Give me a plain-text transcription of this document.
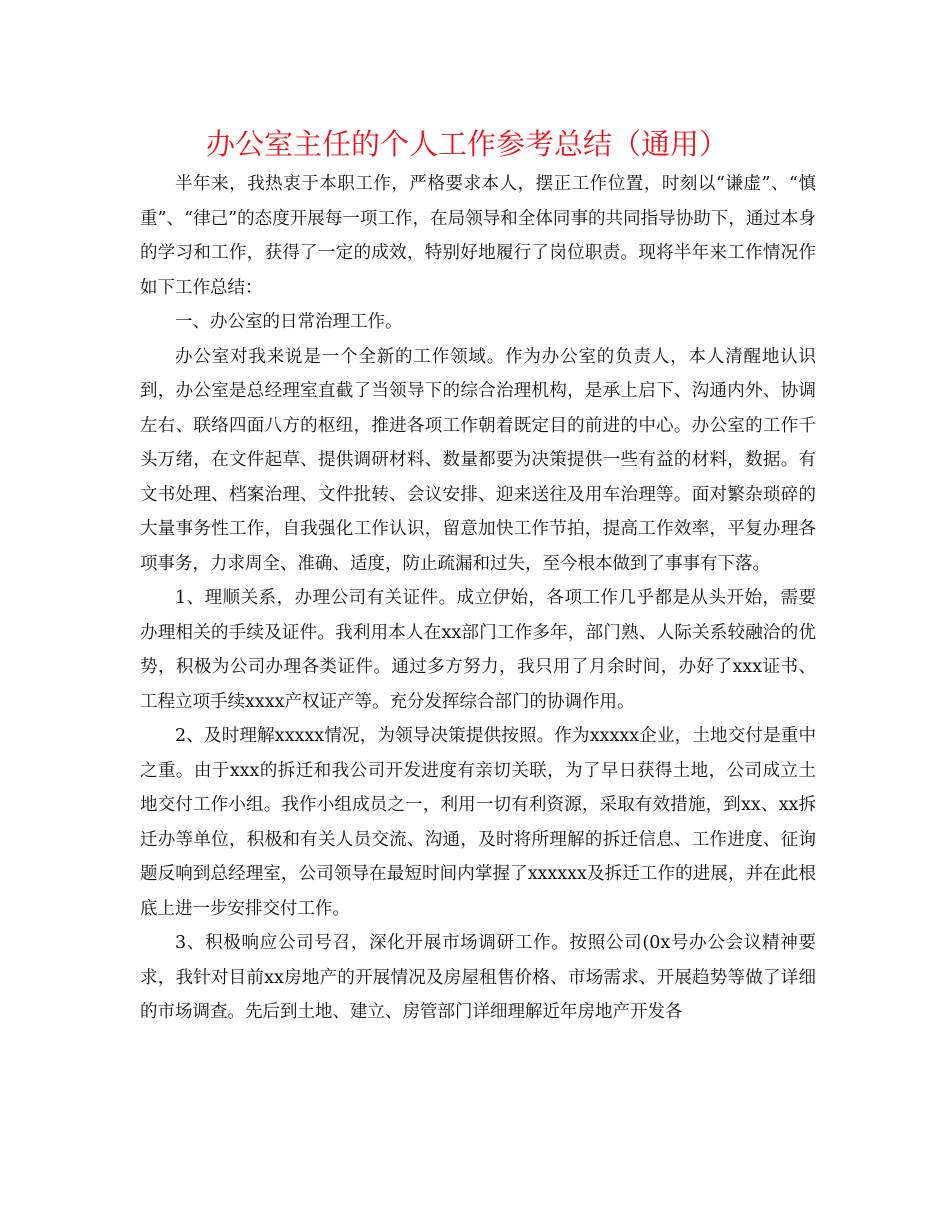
办公室主任的个人工作参考总结（通用）

半年来，我热衷于本职工作，严格要求本人，摆正工作位置，时刻以“谦虚”、“慎重”、“律己”的态度开展每一项工作，在局领导和全体同事的共同指导协助下，通过本身的学习和工作，获得了一定的成效，特别好地履行了岗位职责。现将半年来工作情况作如下工作总结：

一、办公室的日常治理工作。

办公室对我来说是一个全新的工作领域。作为办公室的负责人，本人清醒地认识到，办公室是总经理室直截了当领导下的综合治理机构，是承上启下、沟通内外、协调左右、联络四面八方的枢纽，推进各项工作朝着既定目的前进的中心。办公室的工作千头万绪，在文件起草、提供调研材料、数量都要为决策提供一些有益的材料，数据。有文书处理、档案治理、文件批转、会议安排、迎来送往及用车治理等。面对繁杂琐碎的大量事务性工作，自我强化工作认识，留意加快工作节拍，提高工作效率，平复办理各项事务，力求周全、准确、适度，防止疏漏和过失，至今根本做到了事事有下落。

1、理顺关系，办理公司有关证件。成立伊始，各项工作几乎都是从头开始，需要办理相关的手续及证件。我利用本人在xx部门工作多年，部门熟、人际关系较融洽的优势，积极为公司办理各类证件。通过多方努力，我只用了月余时间，办好了xxx证书、工程立项手续xxxx产权证产等。充分发挥综合部门的协调作用。

2、及时理解xxxxx情况，为领导决策提供按照。作为xxxxx企业，土地交付是重中之重。由于xxx的拆迁和我公司开发进度有亲切关联，为了早日获得土地，公司成立土地交付工作小组。我作小组成员之一，利用一切有利资源，采取有效措施，到xx、xx拆迁办等单位，积极和有关人员交流、沟通，及时将所理解的拆迁信息、工作进度、征询题反响到总经理室，公司领导在最短时间内掌握了xxxxxx及拆迁工作的进展，并在此根底上进一步安排交付工作。

3、积极响应公司号召，深化开展市场调研工作。按照公司(0x号办公会议精神要求，我针对目前xx房地产的开展情况及房屋租售价格、市场需求、开展趋势等做了详细的市场调查。先后到土地、建立、房管部门详细理解近年房地产开发各
